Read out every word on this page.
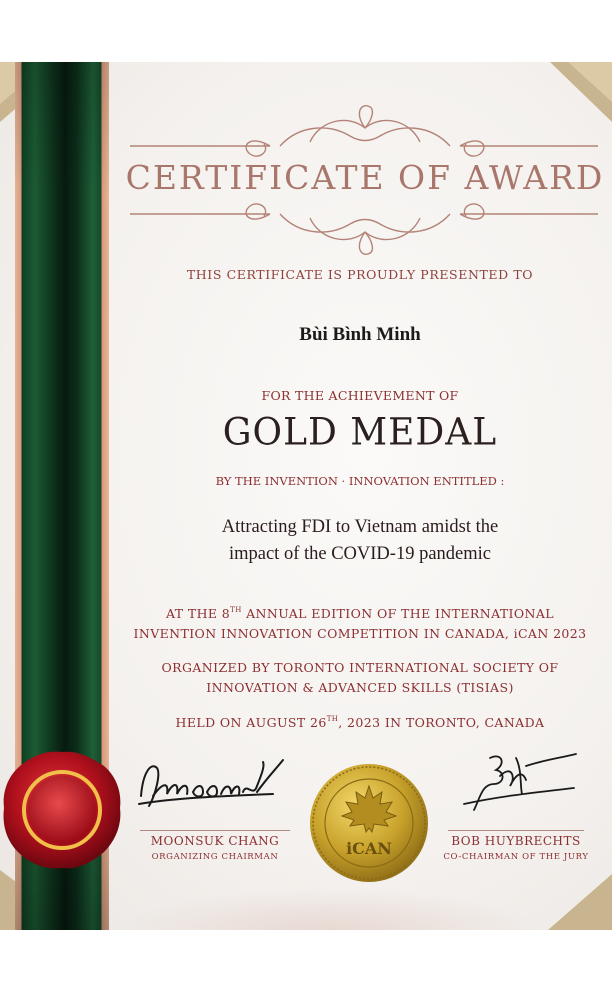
CERTIFICATE OF AWARD
THIS CERTIFICATE IS PROUDLY PRESENTED TO
Bùi Bình Minh
FOR THE ACHIEVEMENT OF
GOLD MEDAL
BY THE INVENTION · INNOVATION ENTITLED :
Attracting FDI to Vietnam amidst the
impact of the COVID-19 pandemic
AT THE 8TH ANNUAL EDITION OF THE INTERNATIONAL
INVENTION INNOVATION COMPETITION IN CANADA, iCAN 2023
ORGANIZED BY TORONTO INTERNATIONAL SOCIETY OF
INNOVATION & ADVANCED SKILLS (TISIAS)
HELD ON AUGUST 26TH, 2023 IN TORONTO, CANADA
MOONSUK CHANG
ORGANIZING CHAIRMAN
BOB HUYBRECHTS
CO-CHAIRMAN OF THE JURY
iCAN
